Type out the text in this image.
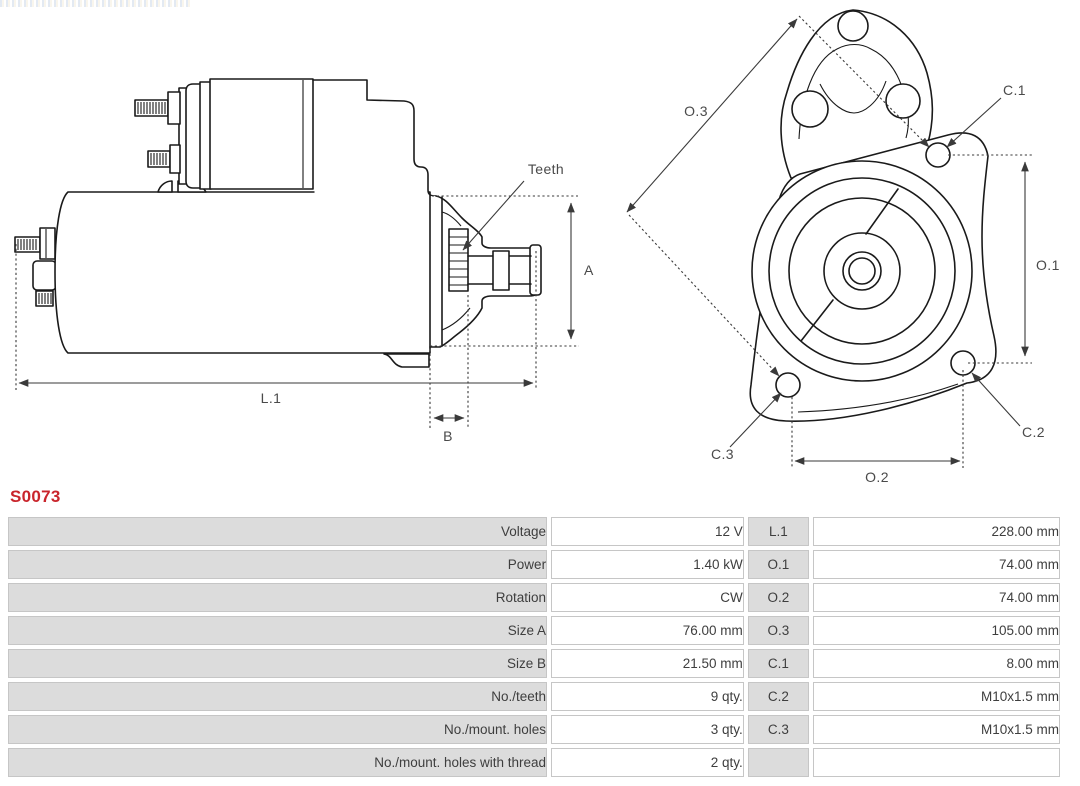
Teeth
A
B
L.1
O.3
C.1
O.1
C.2
C.3
O.2
S0073
Voltage	12 V	L.1	228.00 mm
Power	1.40 kW	O.1	74.00 mm
Rotation	CW	O.2	74.00 mm
Size A	76.00 mm	O.3	105.00 mm
Size B	21.50 mm	C.1	8.00 mm
No./teeth	9 qty.	C.2	M10x1.5 mm
No./mount. holes	3 qty.	C.3	M10x1.5 mm
No./mount. holes with thread	2 qty.		
